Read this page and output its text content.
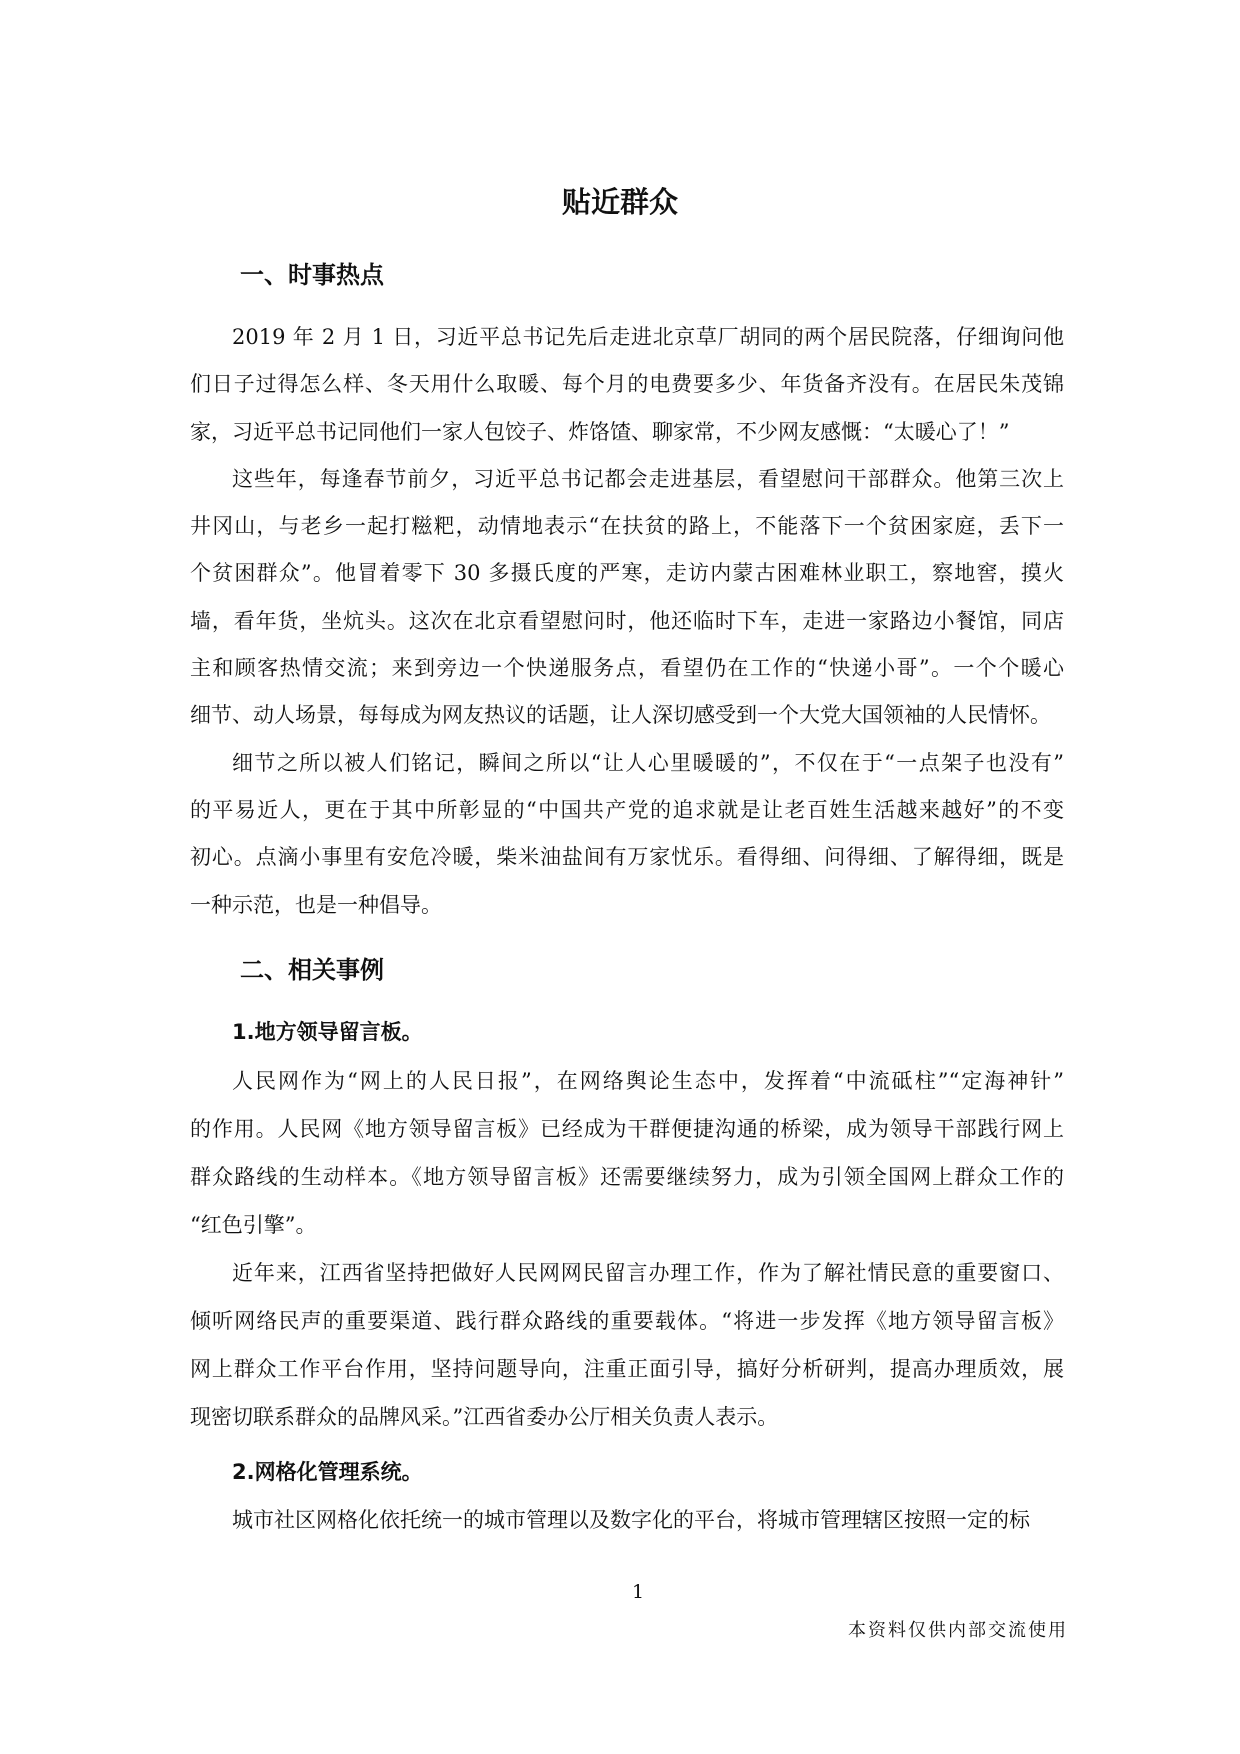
贴近群众
一、时事热点
2019 年 2 月 1 日，习近平总书记先后走进北京草厂胡同的两个居民院落，仔细询问他
们日子过得怎么样、冬天用什么取暖、每个月的电费要多少、年货备齐没有。在居民朱茂锦
家，习近平总书记同他们一家人包饺子、炸饹馇、聊家常，不少网友感慨：“太暖心了！”
这些年，每逢春节前夕，习近平总书记都会走进基层，看望慰问干部群众。他第三次上
井冈山，与老乡一起打糍粑，动情地表示“在扶贫的路上，不能落下一个贫困家庭，丢下一
个贫困群众”。他冒着零下 30 多摄氏度的严寒，走访内蒙古困难林业职工，察地窖，摸火
墙，看年货，坐炕头。这次在北京看望慰问时，他还临时下车，走进一家路边小餐馆，同店
主和顾客热情交流；来到旁边一个快递服务点，看望仍在工作的“快递小哥”。一个个暖心
细节、动人场景，每每成为网友热议的话题，让人深切感受到一个大党大国领袖的人民情怀。
细节之所以被人们铭记，瞬间之所以“让人心里暖暖的”，不仅在于“一点架子也没有”
的平易近人，更在于其中所彰显的“中国共产党的追求就是让老百姓生活越来越好”的不变
初心。点滴小事里有安危冷暖，柴米油盐间有万家忧乐。看得细、问得细、了解得细，既是
一种示范，也是一种倡导。
二、相关事例
1.地方领导留言板。
人民网作为“网上的人民日报”，在网络舆论生态中，发挥着“中流砥柱”“定海神针”
的作用。人民网《地方领导留言板》已经成为干群便捷沟通的桥梁，成为领导干部践行网上
群众路线的生动样本。《地方领导留言板》还需要继续努力，成为引领全国网上群众工作的
“红色引擎”。
近年来，江西省坚持把做好人民网网民留言办理工作，作为了解社情民意的重要窗口、
倾听网络民声的重要渠道、践行群众路线的重要载体。“将进一步发挥《地方领导留言板》
网上群众工作平台作用，坚持问题导向，注重正面引导，搞好分析研判，提高办理质效，展
现密切联系群众的品牌风采。”江西省委办公厅相关负责人表示。
2.网格化管理系统。
城市社区网格化依托统一的城市管理以及数字化的平台，将城市管理辖区按照一定的标
1
本资料仅供内部交流使用
